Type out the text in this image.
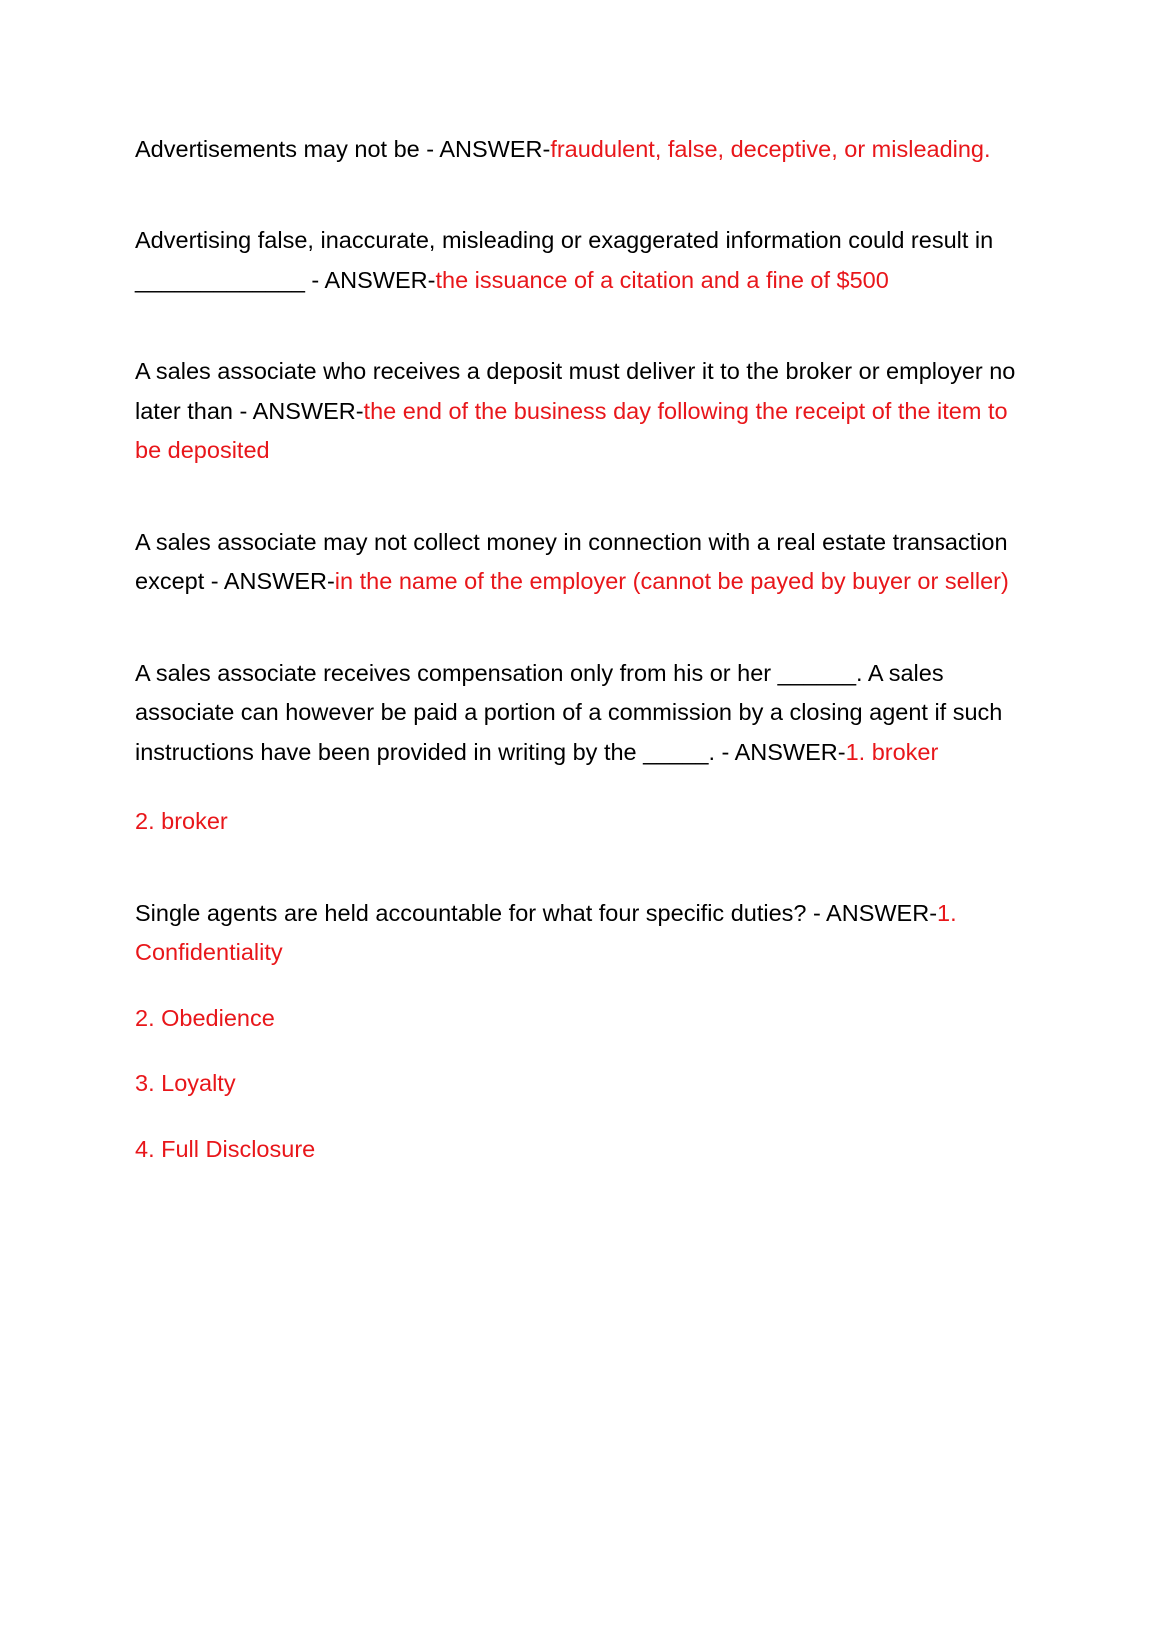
Advertisements may not be - ANSWER-fraudulent, false, deceptive, or misleading.

Advertising false, inaccurate, misleading or exaggerated information could result in _____________ - ANSWER-the issuance of a citation and a fine of $500

A sales associate who receives a deposit must deliver it to the broker or employer no later than - ANSWER-the end of the business day following the receipt of the item to be deposited

A sales associate may not collect money in connection with a real estate transaction except - ANSWER-in the name of the employer (cannot be payed by buyer or seller)

A sales associate receives compensation only from his or her ______. A sales associate can however be paid a portion of a commission by a closing agent if such instructions have been provided in writing by the _____. - ANSWER-1. broker

2. broker

Single agents are held accountable for what four specific duties? - ANSWER-1. Confidentiality

2. Obedience

3. Loyalty

4. Full Disclosure
